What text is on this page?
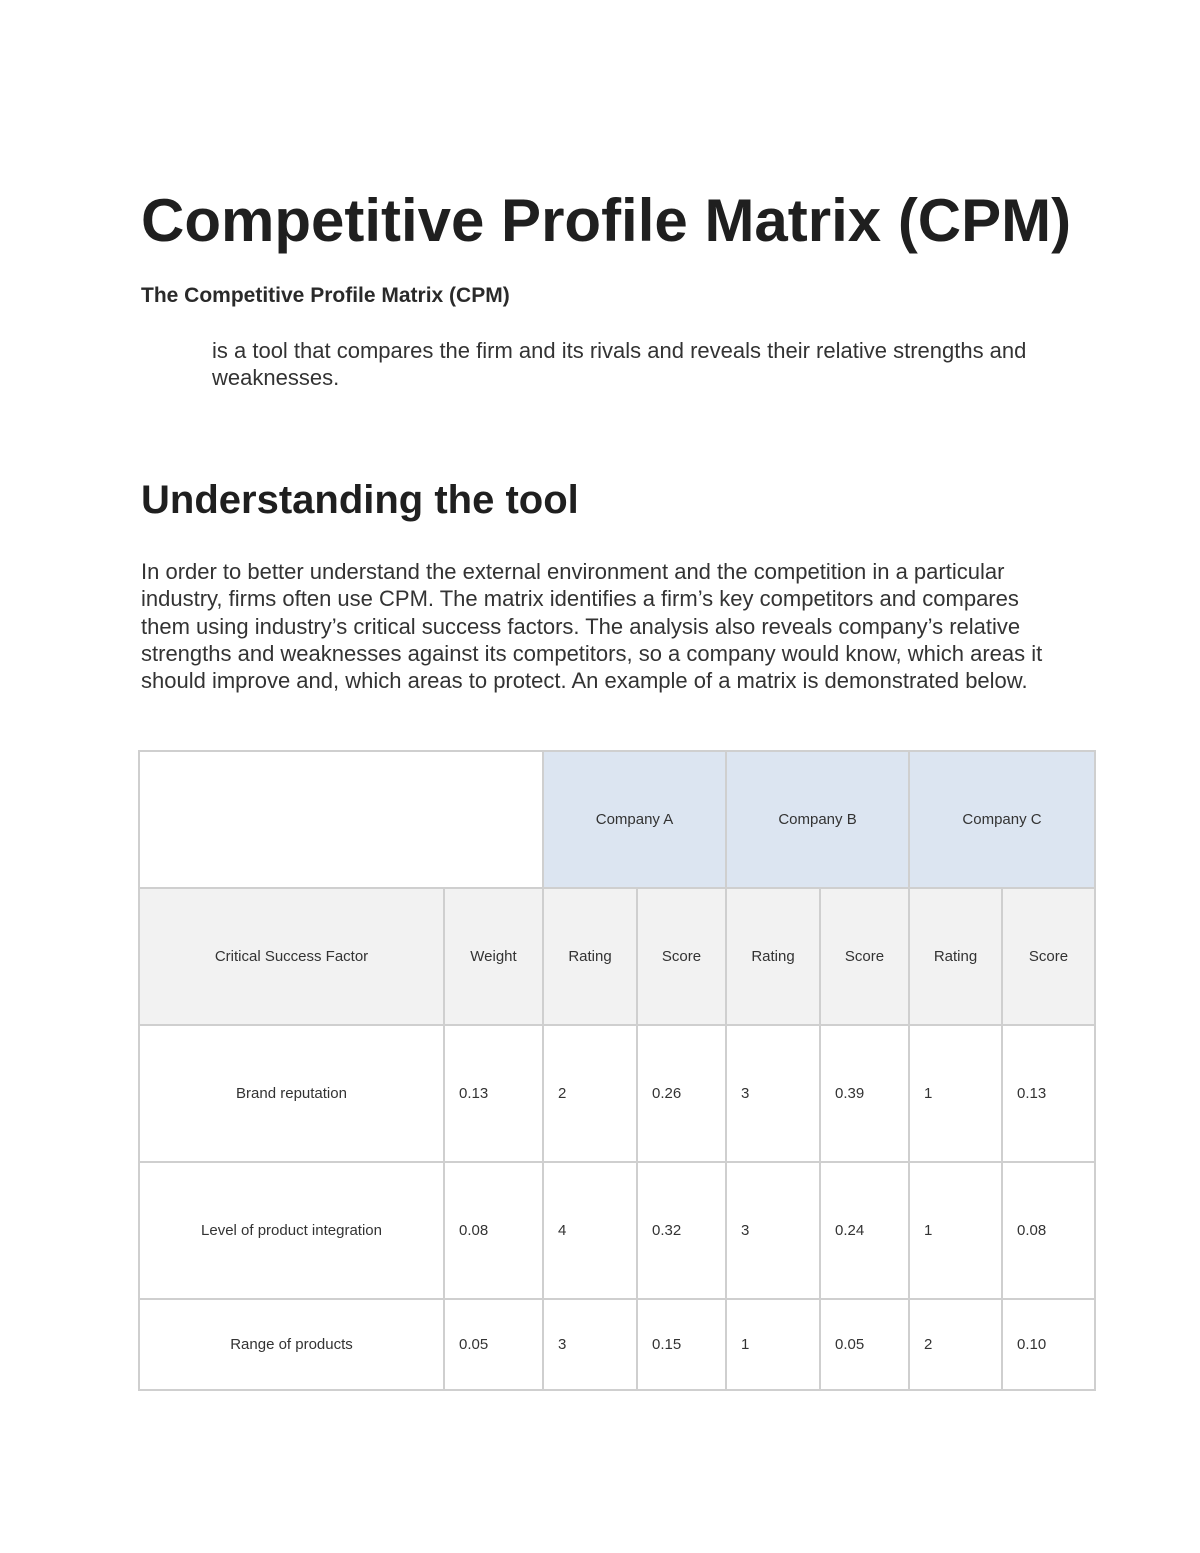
Competitive Profile Matrix (CPM)
The Competitive Profile Matrix (CPM)

is a tool that compares the firm and its rivals and reveals their relative strengths and weaknesses.

Understanding the tool

In order to better understand the external environment and the competition in a particular industry, firms often use CPM. The matrix identifies a firm’s key competitors and compares them using industry’s critical success factors. The analysis also reveals company’s relative strengths and weaknesses against its competitors, so a company would know, which areas it should improve and, which areas to protect. An example of a matrix is demonstrated below.

		Company A		Company B		Company C	
Critical Success Factor	Weight	Rating	Score	Rating	Score	Rating	Score
Brand reputation	0.13	2	0.26	3	0.39	1	0.13
Level of product integration	0.08	4	0.32	3	0.24	1	0.08
Range of products	0.05	3	0.15	1	0.05	2	0.10
